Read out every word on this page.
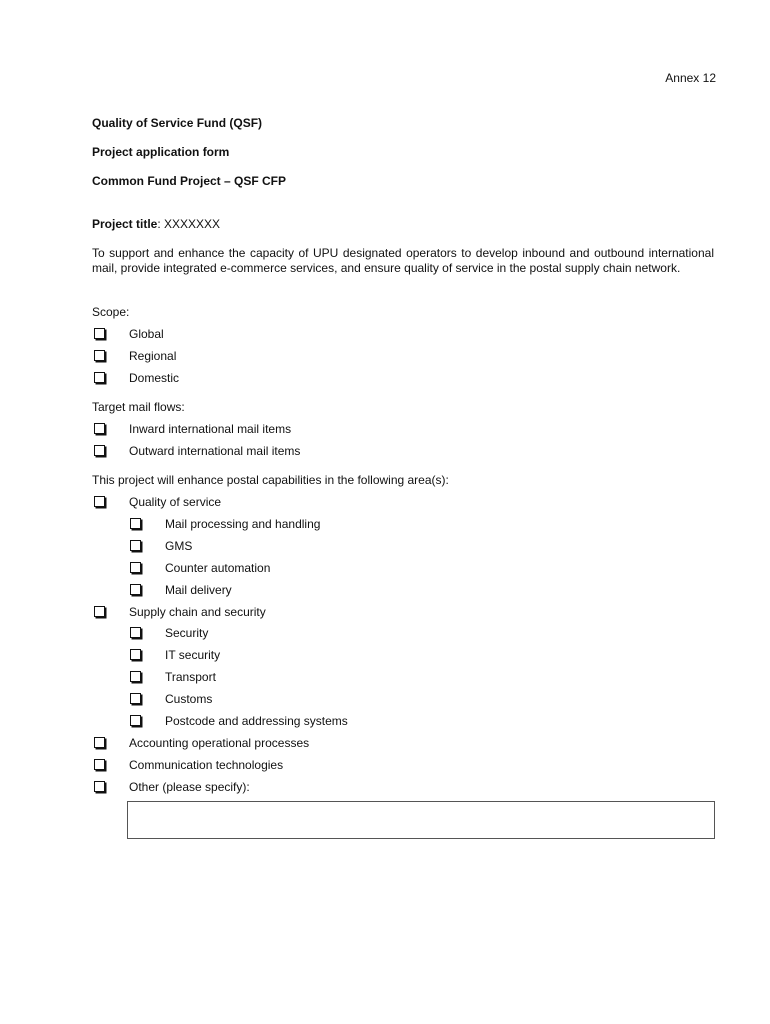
Annex 12
Quality of Service Fund (QSF)
Project application form
Common Fund Project – QSF CFP
Project title: XXXXXXX
To support and enhance the capacity of UPU designated operators to develop inbound and outbound international mail, provide integrated e-commerce services, and ensure quality of service in the postal supply chain network.
Scope:
Global
Regional
Domestic
Target mail flows:
Inward international mail items
Outward international mail items
This project will enhance postal capabilities in the following area(s):
Quality of service
Mail processing and handling
GMS
Counter automation
Mail delivery
Supply chain and security
Security
IT security
Transport
Customs
Postcode and addressing systems
Accounting operational processes
Communication technologies
Other (please specify):
